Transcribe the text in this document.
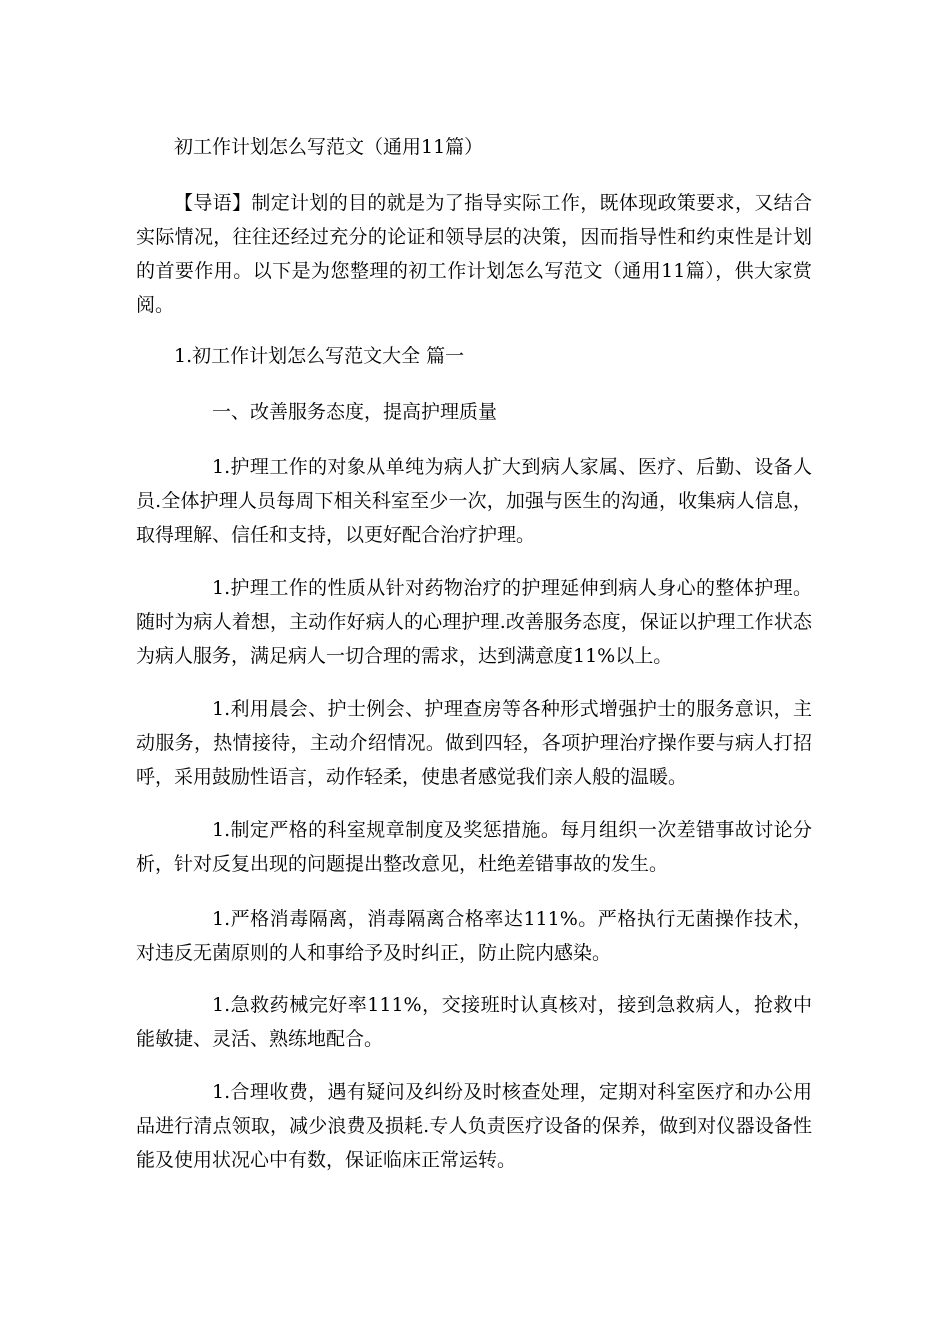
初工作计划怎么写范文（通用11篇）

【导语】制定计划的目的就是为了指导实际工作，既体现政策要求，又结合实际情况，往往还经过充分的论证和领导层的决策，因而指导性和约束性是计划的首要作用。以下是为您整理的初工作计划怎么写范文（通用11篇），供大家赏阅。

1.初工作计划怎么写范文大全 篇一

一、改善服务态度，提高护理质量

1.护理工作的对象从单纯为病人扩大到病人家属、医疗、后勤、设备人员.全体护理人员每周下相关科室至少一次，加强与医生的沟通，收集病人信息，取得理解、信任和支持，以更好配合治疗护理。

1.护理工作的性质从针对药物治疗的护理延伸到病人身心的整体护理。随时为病人着想，主动作好病人的心理护理.改善服务态度，保证以护理工作状态为病人服务，满足病人一切合理的需求，达到满意度11%以上。

1.利用晨会、护士例会、护理查房等各种形式增强护士的服务意识，主动服务，热情接待，主动介绍情况。做到四轻，各项护理治疗操作要与病人打招呼，采用鼓励性语言，动作轻柔，使患者感觉我们亲人般的温暖。

1.制定严格的科室规章制度及奖惩措施。每月组织一次差错事故讨论分析，针对反复出现的问题提出整改意见，杜绝差错事故的发生。

1.严格消毒隔离，消毒隔离合格率达111%。严格执行无菌操作技术，对违反无菌原则的人和事给予及时纠正，防止院内感染。

1.急救药械完好率111%，交接班时认真核对，接到急救病人，抢救中能敏捷、灵活、熟练地配合。

1.合理收费，遇有疑问及纠纷及时核查处理，定期对科室医疗和办公用品进行清点领取，减少浪费及损耗.专人负责医疗设备的保养，做到对仪器设备性能及使用状况心中有数，保证临床正常运转。
